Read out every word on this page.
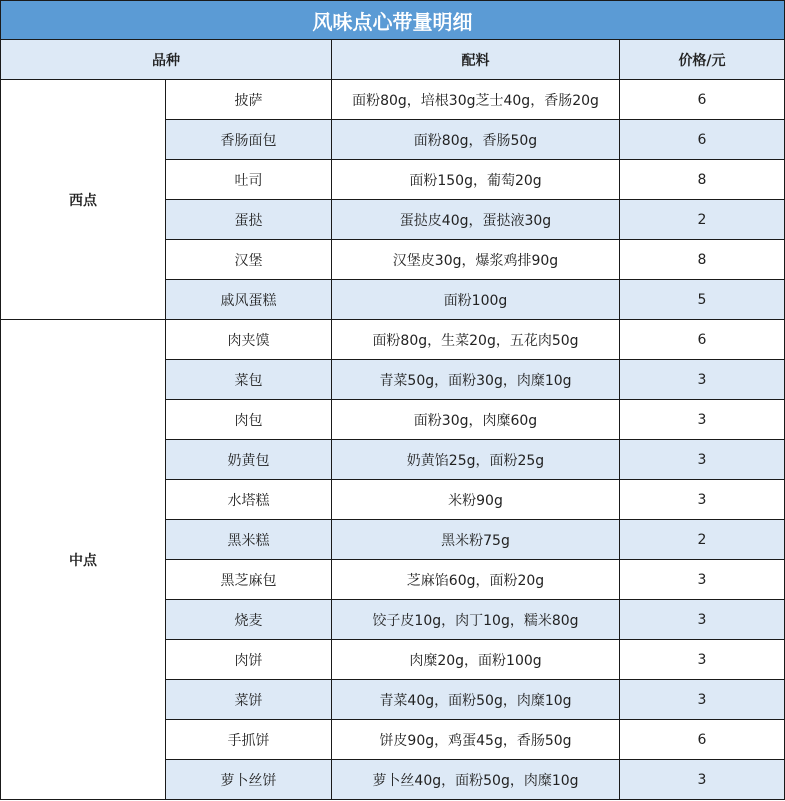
风味点心带量明细			
品种		配料	价格/元
西点	披萨	面粉80g，培根30g芝士40g，香肠20g	6
	香肠面包	面粉80g，香肠50g	6
	吐司	面粉150g，葡萄20g	8
	蛋挞	蛋挞皮40g，蛋挞液30g	2
	汉堡	汉堡皮30g，爆浆鸡排90g	8
	戚风蛋糕	面粉100g	5
中点	肉夹馍	面粉80g，生菜20g，五花肉50g	6
	菜包	青菜50g，面粉30g，肉糜10g	3
	肉包	面粉30g，肉糜60g	3
	奶黄包	奶黄馅25g，面粉25g	3
	水塔糕	米粉90g	3
	黑米糕	黑米粉75g	2
	黑芝麻包	芝麻馅60g，面粉20g	3
	烧麦	饺子皮10g，肉丁10g，糯米80g	3
	肉饼	肉糜20g，面粉100g	3
	菜饼	青菜40g，面粉50g，肉糜10g	3
	手抓饼	饼皮90g，鸡蛋45g，香肠50g	6
	萝卜丝饼	萝卜丝40g，面粉50g，肉糜10g	3
